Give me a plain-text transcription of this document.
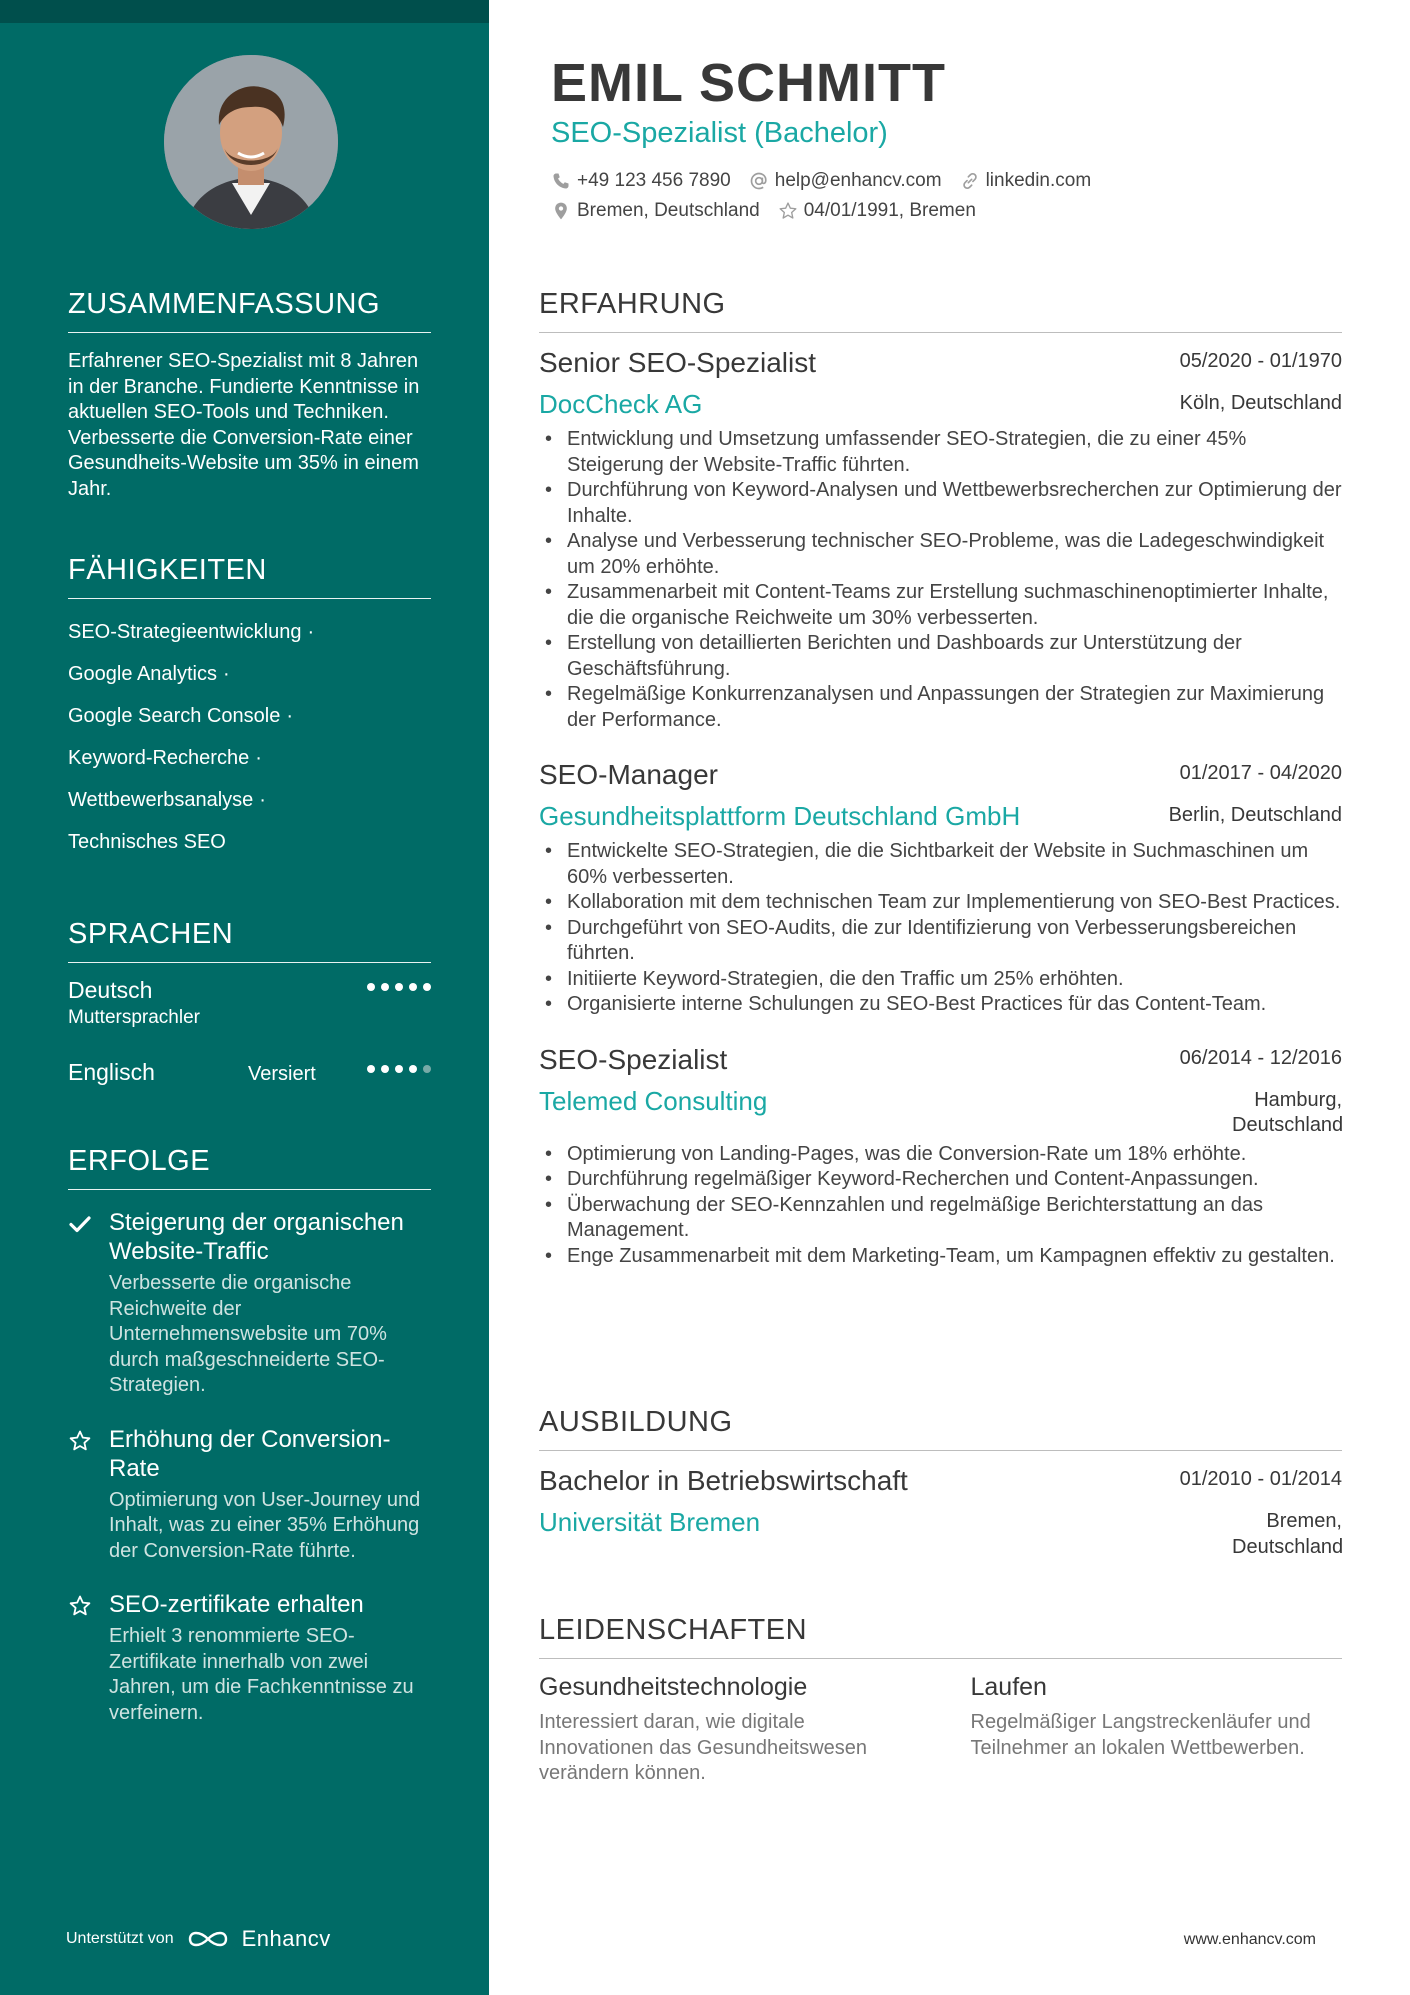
ZUSAMMENFASSUNG
Erfahrener SEO-Spezialist mit 8 Jahren in der Branche. Fundierte Kenntnisse in aktuellen SEO-Tools und Techniken. Verbesserte die Conversion-Rate einer Gesundheits-Website um 35% in einem Jahr.
FÄHIGKEITEN
SEO-Strategieentwicklung ·
Google Analytics ·
Google Search Console ·
Keyword-Recherche ·
Wettbewerbsanalyse ·
Technisches SEO
SPRACHEN
Deutsch
Muttersprachler
Englisch	Versiert
ERFOLGE
Steigerung der organischen Website-Traffic
Verbesserte die organische Reichweite der Unternehmenswebsite um 70% durch maßgeschneiderte SEO-Strategien.
Erhöhung der Conversion-Rate
Optimierung von User-Journey und Inhalt, was zu einer 35% Erhöhung der Conversion-Rate führte.
SEO-zertifikate erhalten
Erhielt 3 renommierte SEO-Zertifikate innerhalb von zwei Jahren, um die Fachkenntnisse zu verfeinern.
Unterstützt von	Enhancv
EMIL SCHMITT
SEO-Spezialist (Bachelor)
+49 123 456 7890 help@enhancv.com linkedin.com
Bremen, Deutschland 04/01/1991, Bremen
ERFAHRUNG
Senior SEO-Spezialist	05/2020 - 01/1970
DocCheck AG	Köln, Deutschland
• Entwicklung und Umsetzung umfassender SEO-Strategien, die zu einer 45% Steigerung der Website-Traffic führten.
• Durchführung von Keyword-Analysen und Wettbewerbsrecherchen zur Optimierung der Inhalte.
• Analyse und Verbesserung technischer SEO-Probleme, was die Ladegeschwindigkeit um 20% erhöhte.
• Zusammenarbeit mit Content-Teams zur Erstellung suchmaschinenoptimierter Inhalte, die die organische Reichweite um 30% verbesserten.
• Erstellung von detaillierten Berichten und Dashboards zur Unterstützung der Geschäftsführung.
• Regelmäßige Konkurrenzanalysen und Anpassungen der Strategien zur Maximierung der Performance.
SEO-Manager	01/2017 - 04/2020
Gesundheitsplattform Deutschland GmbH	Berlin, Deutschland
• Entwickelte SEO-Strategien, die die Sichtbarkeit der Website in Suchmaschinen um 60% verbesserten.
• Kollaboration mit dem technischen Team zur Implementierung von SEO-Best Practices.
• Durchgeführt von SEO-Audits, die zur Identifizierung von Verbesserungsbereichen führten.
• Initiierte Keyword-Strategien, die den Traffic um 25% erhöhten.
• Organisierte interne Schulungen zu SEO-Best Practices für das Content-Team.
SEO-Spezialist	06/2014 - 12/2016
Telemed Consulting	Hamburg, Deutschland
• Optimierung von Landing-Pages, was die Conversion-Rate um 18% erhöhte.
• Durchführung regelmäßiger Keyword-Recherchen und Content-Anpassungen.
• Überwachung der SEO-Kennzahlen und regelmäßige Berichterstattung an das Management.
• Enge Zusammenarbeit mit dem Marketing-Team, um Kampagnen effektiv zu gestalten.
AUSBILDUNG
Bachelor in Betriebswirtschaft	01/2010 - 01/2014
Universität Bremen	Bremen, Deutschland
LEIDENSCHAFTEN
Gesundheitstechnologie
Interessiert daran, wie digitale Innovationen das Gesundheitswesen verändern können.
Laufen
Regelmäßiger Langstreckenläufer und Teilnehmer an lokalen Wettbewerben.
www.enhancv.com
